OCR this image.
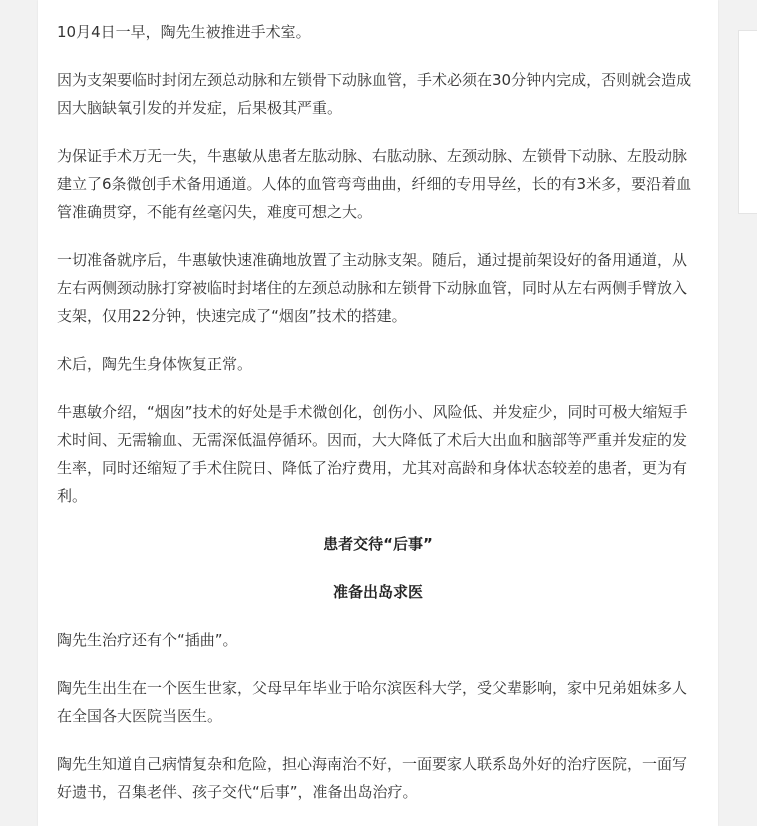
10月4日一早，陶先生被推进手术室。

因为支架要临时封闭左颈总动脉和左锁骨下动脉血管，手术必须在30分钟内完成，否则就会造成因大脑缺氧引发的并发症，后果极其严重。

为保证手术万无一失，牛惠敏从患者左肱动脉、右肱动脉、左颈动脉、左锁骨下动脉、左股动脉建立了6条微创手术备用通道。人体的血管弯弯曲曲，纤细的专用导丝，长的有3米多，要沿着血管准确贯穿，不能有丝毫闪失，难度可想之大。

一切准备就序后，牛惠敏快速准确地放置了主动脉支架。随后，通过提前架设好的备用通道，从左右两侧颈动脉打穿被临时封堵住的左颈总动脉和左锁骨下动脉血管，同时从左右两侧手臂放入支架，仅用22分钟，快速完成了“烟囱”技术的搭建。

术后，陶先生身体恢复正常。

牛惠敏介绍，“烟囱”技术的好处是手术微创化，创伤小、风险低、并发症少，同时可极大缩短手术时间、无需输血、无需深低温停循环。因而，大大降低了术后大出血和脑部等严重并发症的发生率，同时还缩短了手术住院日、降低了治疗费用，尤其对高龄和身体状态较差的患者，更为有利。

患者交待“后事”

准备出岛求医

陶先生治疗还有个“插曲”。

陶先生出生在一个医生世家，父母早年毕业于哈尔滨医科大学，受父辈影响，家中兄弟姐妹多人在全国各大医院当医生。

陶先生知道自己病情复杂和危险，担心海南治不好，一面要家人联系岛外好的治疗医院，一面写好遗书，召集老伴、孩子交代“后事”，准备出岛治疗。
